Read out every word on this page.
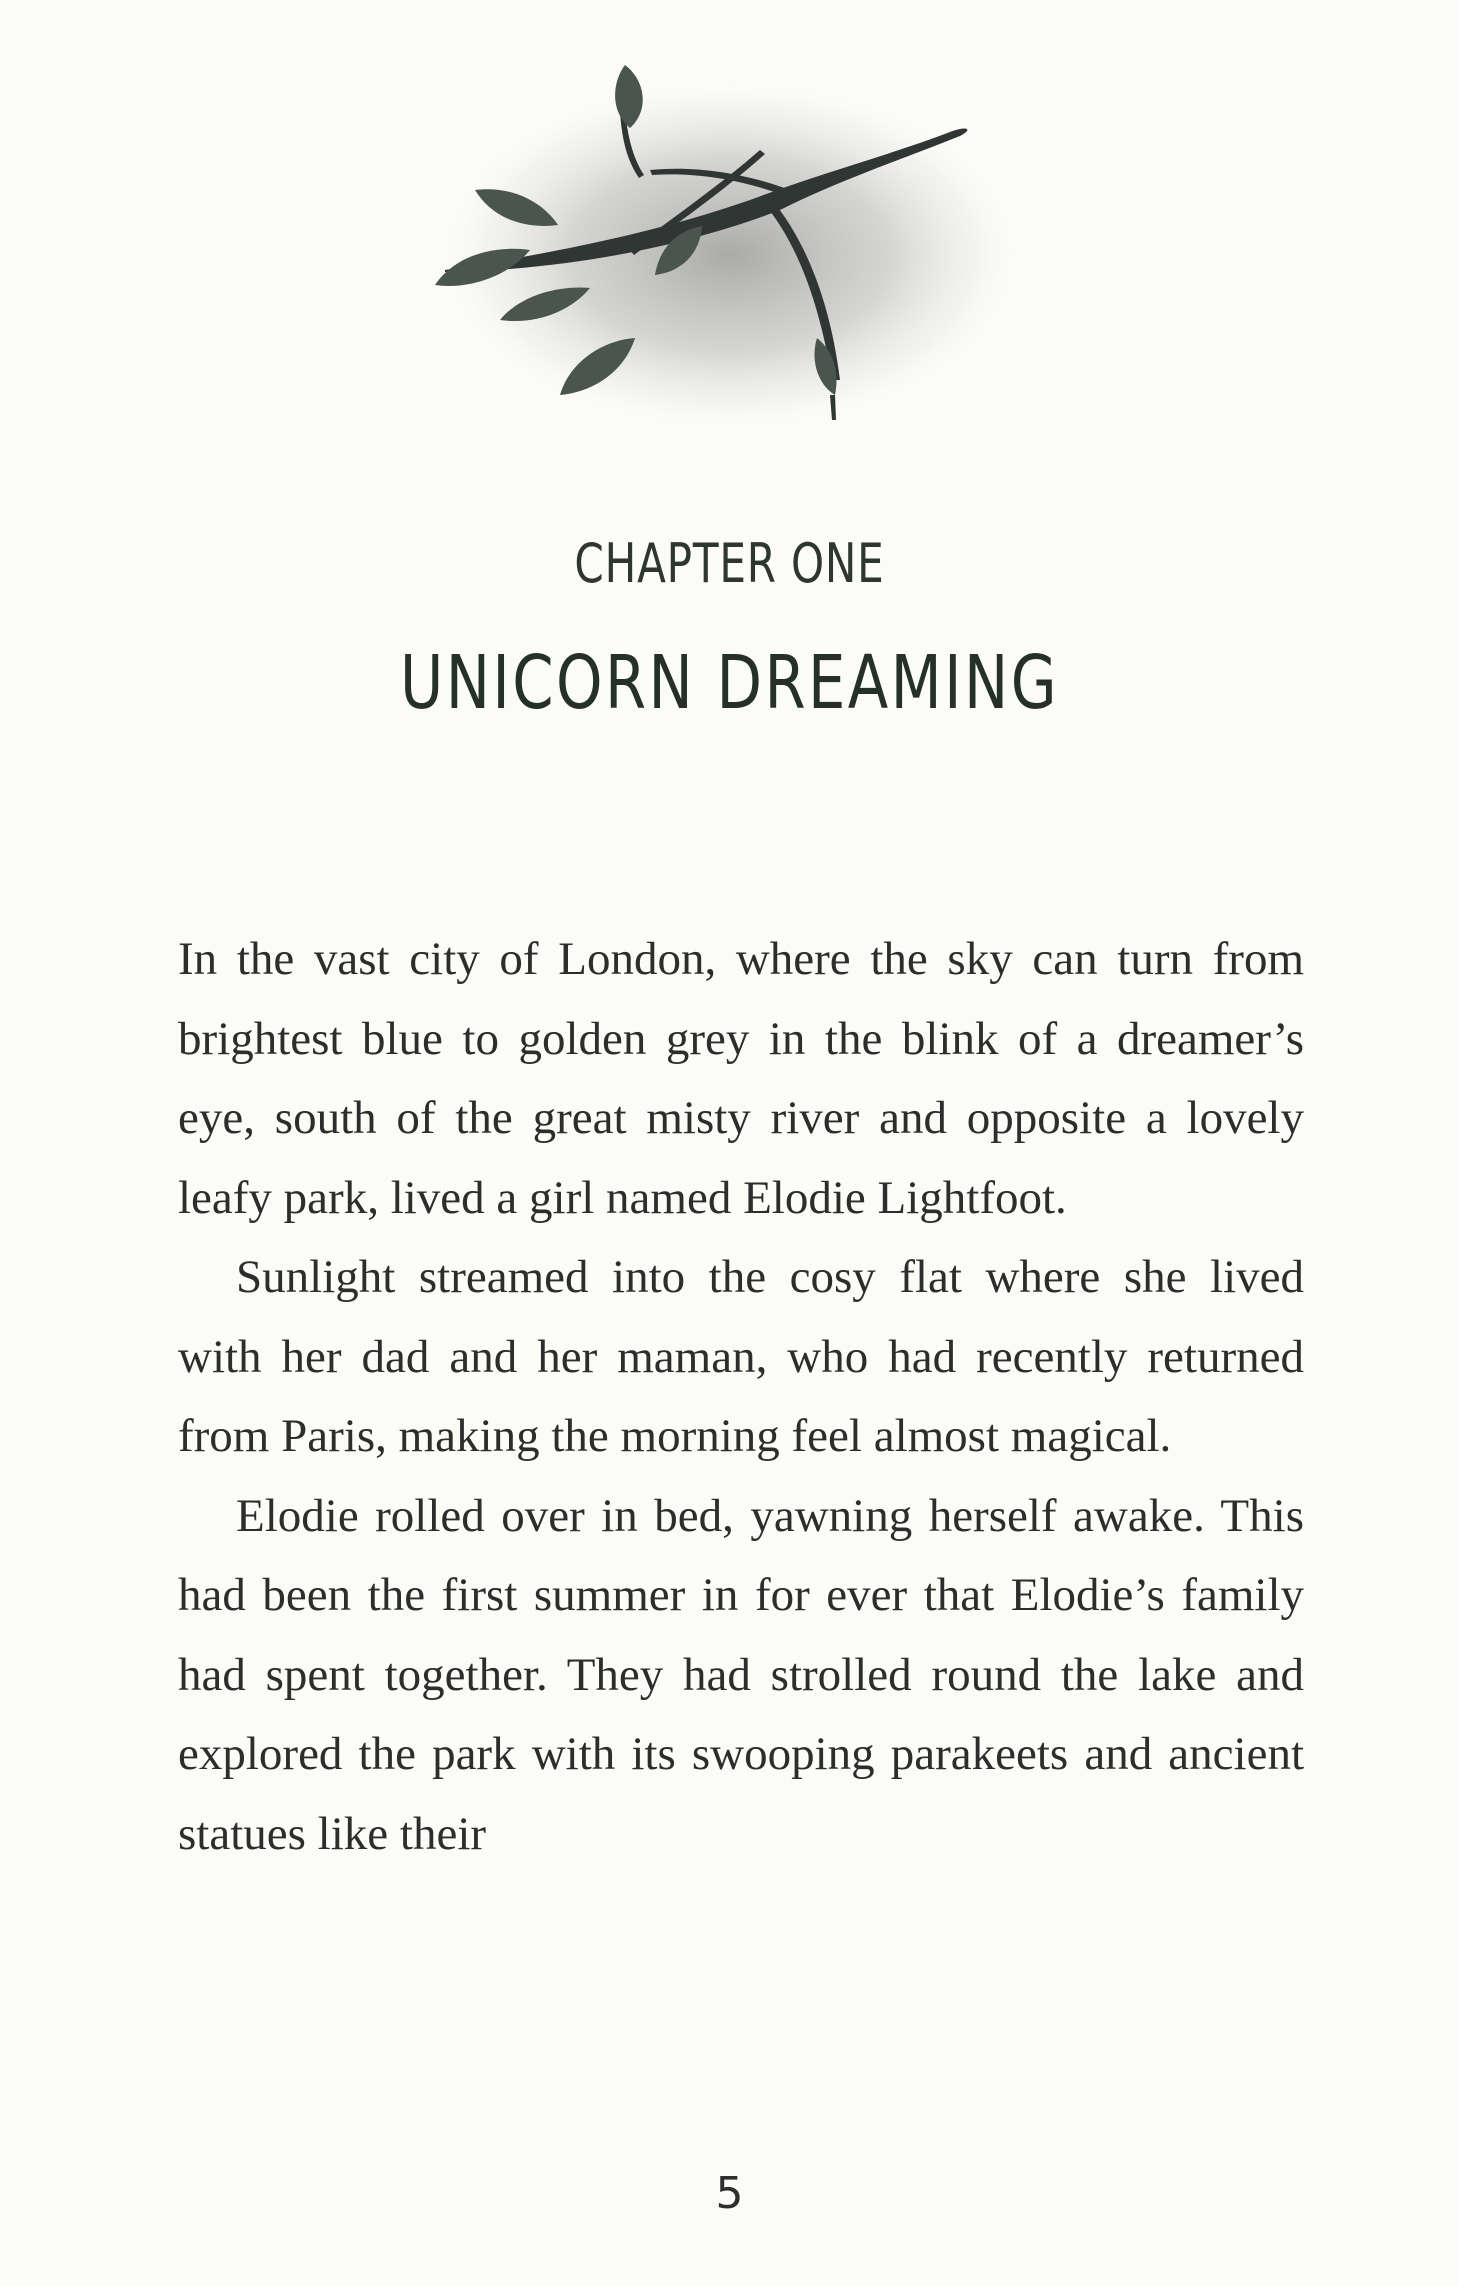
CHAPTER ONE
UNICORN DREAMING

In the vast city of London, where the sky can turn from brightest blue to golden grey in the blink of a dreamer’s eye, south of the great misty river and opposite a lovely leafy park, lived a girl named Elodie Lightfoot.

Sunlight streamed into the cosy flat where she lived with her dad and her maman, who had recently returned from Paris, making the morning feel almost magical.

Elodie rolled over in bed, yawning herself awake. This had been the first summer in for ever that Elodie’s family had spent together. They had strolled round the lake and explored the park with its swooping parakeets and ancient statues like their

5
